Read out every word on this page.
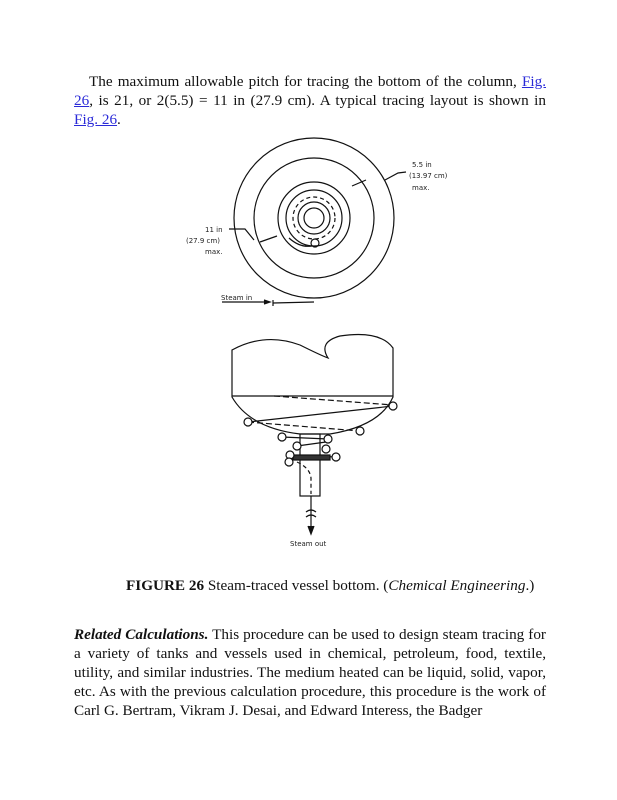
The maximum allowable pitch for tracing the bottom of the column, Fig. 26, is 21, or 2(5.5) = 11 in (27.9 cm). A typical tracing layout is shown in Fig. 26.

5.5 in
(13.97 cm)
max.
11 in
(27.9 cm)
max.
Steam in
Steam out
FIGURE 26 Steam-traced vessel bottom. (Chemical Engineering.)

Related Calculations. This procedure can be used to design steam tracing for a variety of tanks and vessels used in chemical, petroleum, food, textile, utility, and similar industries. The medium heated can be liquid, solid, vapor, etc. As with the previous calculation procedure, this procedure is the work of Carl G. Bertram, Vikram J. Desai, and Edward Interess, the Badger
